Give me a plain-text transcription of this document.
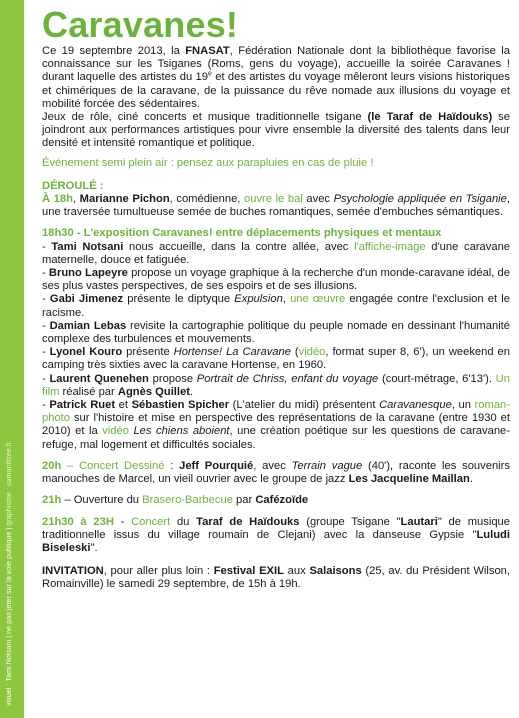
visuel : Tami Notsani | ne pas jeter sur la voie publique | graphisme : samantitree.fr
Caravanes!

Ce 19 septembre 2013, la FNASAT, Fédération Nationale dont la bibliothèque favorise la connaissance sur les Tsiganes (Roms, gens du voyage), accueille la soirée Caravanes ! durant laquelle des artistes du 19e et des artistes du voyage mêleront leurs visions historiques et chimériques de la caravane, de la puissance du rêve nomade aux illusions du voyage et mobilité forcée des sédentaires.

Jeux de rôle, ciné concerts et musique traditionnelle tsigane (le Taraf de Haïdouks) se joindront aux performances artistiques pour vivre ensemble la diversité des talents dans leur densité et intensité romantique et politique.

Événement semi plein air : pensez aux parapluies en cas de pluie !

DÉROULÉ :

À 18h, Marianne Pichon, comédienne, ouvre le bal avec Psychologie appliquée en Tsiganie, une traversée tumultueuse semée de buches romantiques, semée d'embuches sémantiques.

18h30 - L'exposition Caravanes! entre déplacements physiques et mentaux

- Tami Notsani nous accueille, dans la contre allée, avec l'affiche-image d'une caravane maternelle, douce et fatiguée.

- Bruno Lapeyre propose un voyage graphique à la recherche d'un monde-caravane idéal, de ses plus vastes perspectives, de ses espoirs et de ses illusions.

- Gabi Jimenez présente le diptyque Expulsion, une œuvre engagée contre l'exclusion et le racisme.

- Damian Lebas revisite la cartographie politique du peuple nomade en dessinant l'humanité complexe des turbulences et mouvements.

- Lyonel Kouro présente Hortense! La Caravane (vidéo, format super 8, 6'), un weekend en camping très sixties avec la caravane Hortense, en 1960.

- Laurent Quenehen propose Portrait de Chriss, enfant du voyage (court-métrage, 6'13'). Un film réalisé par Agnès Quillet.

- Patrick Ruet et Sébastien Spicher (L'atelier du midi) présentent Caravanesque, un roman-photo sur l'histoire et mise en perspective des représentations de la caravane (entre 1930 et 2010) et la vidéo Les chiens aboient, une création poétique sur les questions de caravane-refuge, mal logement et difficultés sociales.

20h – Concert Dessiné : Jeff Pourquié, avec Terrain vague (40'), raconte les souvenirs manouches de Marcel, un vieil ouvrier avec le groupe de jazz Les Jacqueline Maillan.

21h – Ouverture du Brasero-Barbecue par Cafézoïde

21h30 à 23H - Concert du Taraf de Haïdouks (groupe Tsigane "Lautari" de musique traditionnelle issus du village roumain de Clejani) avec la danseuse Gypsie "Luludi Biseleski".

INVITATION, pour aller plus loin : Festival EXIL aux Salaisons (25, av. du Président Wilson, Romainville) le samedi 29 septembre, de 15h à 19h.
